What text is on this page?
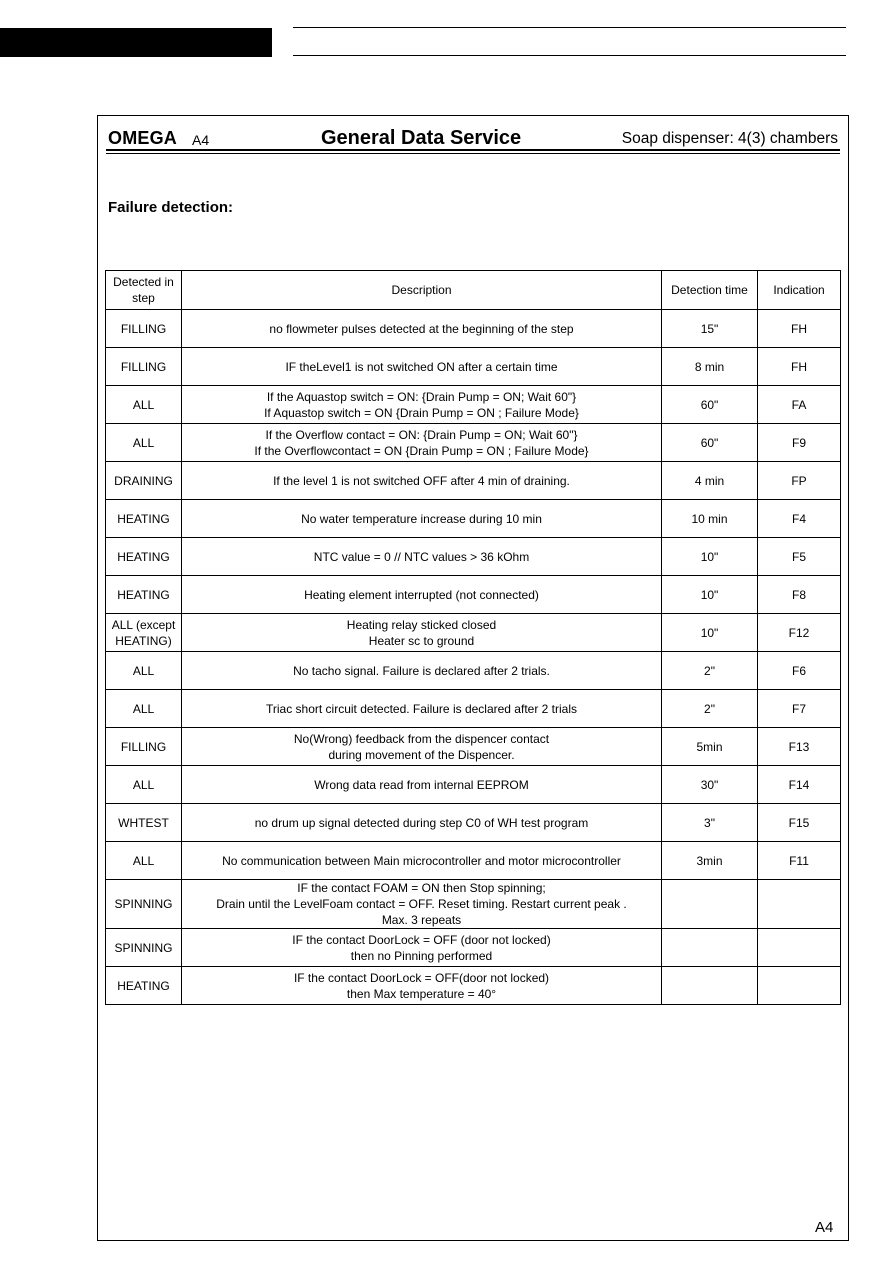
OMEGA A4	General Data Service	Soap dispenser: 4(3) chambers
Failure detection:
Detected in step	Description	Detection time	Indication
FILLING	no flowmeter pulses detected at the beginning of the step	15"	FH
FILLING	IF theLevel1 is not switched ON after a certain time	8 min	FH
ALL	If the Aquastop switch = ON: {Drain Pump = ON; Wait 60"}
If Aquastop switch = ON {Drain Pump = ON ; Failure Mode}	60"	FA
ALL	If the Overflow contact = ON: {Drain Pump = ON; Wait 60"}
If the Overflowcontact = ON {Drain Pump = ON ; Failure Mode}	60"	F9
DRAINING	If the level 1 is not switched OFF after 4 min of draining.	4 min	FP
HEATING	No water temperature increase during 10 min	10 min	F4
HEATING	NTC value = 0 // NTC values > 36 kOhm	10"	F5
HEATING	Heating element interrupted (not connected)	10"	F8
ALL (except
HEATING)	Heating relay sticked closed
Heater sc to ground	10"	F12
ALL	No tacho signal. Failure is declared after 2 trials.	2"	F6
ALL	Triac short circuit detected. Failure is declared after 2 trials	2"	F7
FILLING	No(Wrong) feedback from the dispencer contact
during movement of the Dispencer.	5min	F13
ALL	Wrong data read from internal EEPROM	30"	F14
WHTEST	no drum up signal detected during step C0 of WH test program	3"	F15
ALL	No communication between Main microcontroller and motor microcontroller	3min	F11
SPINNING	IF the contact FOAM = ON then Stop spinning;
Drain until the LevelFoam contact = OFF. Reset timing. Restart current peak .
Max. 3 repeats		
SPINNING	IF the contact DoorLock = OFF (door not locked)
then no Pinning performed		
HEATING	IF the contact DoorLock = OFF(door not locked)
then Max temperature = 40°		
A4
